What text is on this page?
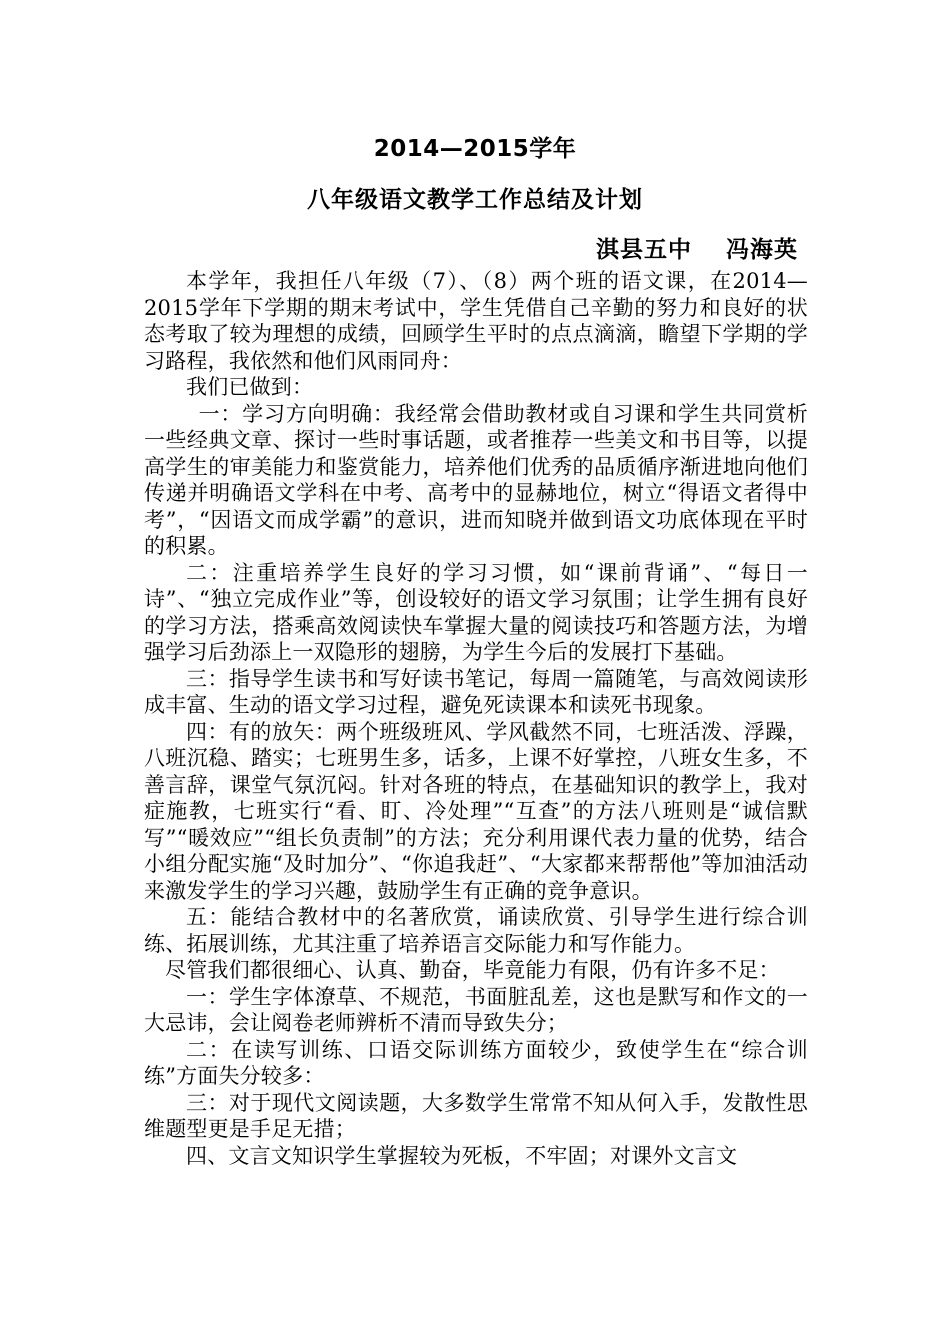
2014—2015学年
八年级语文教学工作总结及计划
淇县五中 冯海英

本学年，我担任八年级（7）、（8）两个班的语文课，在2014—2015学年下学期的期末考试中，学生凭借自己辛勤的努力和良好的状态考取了较为理想的成绩，回顾学生平时的点点滴滴，瞻望下学期的学习路程，我依然和他们风雨同舟：

我们已做到：

一：学习方向明确：我经常会借助教材或自习课和学生共同赏析一些经典文章、探讨一些时事话题，或者推荐一些美文和书目等，以提高学生的审美能力和鉴赏能力，培养他们优秀的品质循序渐进地向他们传递并明确语文学科在中考、高考中的显赫地位，树立“得语文者得中考”，“因语文而成学霸”的意识，进而知晓并做到语文功底体现在平时的积累。

二：注重培养学生良好的学习习惯，如“课前背诵”、“每日一诗”、“独立完成作业”等，创设较好的语文学习氛围；让学生拥有良好的学习方法，搭乘高效阅读快车掌握大量的阅读技巧和答题方法，为增强学习后劲添上一双隐形的翅膀，为学生今后的发展打下基础。

三：指导学生读书和写好读书笔记，每周一篇随笔，与高效阅读形成丰富、生动的语文学习过程，避免死读课本和读死书现象。

四：有的放矢：两个班级班风、学风截然不同，七班活泼、浮躁，八班沉稳、踏实；七班男生多，话多，上课不好掌控，八班女生多，不善言辞，课堂气氛沉闷。针对各班的特点，在基础知识的教学上，我对症施教，七班实行“看、盯、冷处理”“互查”的方法八班则是“诚信默写”“暖效应”“组长负责制”的方法；充分利用课代表力量的优势，结合小组分配实施“及时加分”、“你追我赶”、“大家都来帮帮他”等加油活动来激发学生的学习兴趣，鼓励学生有正确的竞争意识。

五：能结合教材中的名著欣赏，诵读欣赏、引导学生进行综合训练、拓展训练，尤其注重了培养语言交际能力和写作能力。

尽管我们都很细心、认真、勤奋，毕竟能力有限，仍有许多不足：

一：学生字体潦草、不规范，书面脏乱差，这也是默写和作文的一大忌讳，会让阅卷老师辨析不清而导致失分；

二：在读写训练、口语交际训练方面较少，致使学生在“综合训练”方面失分较多：

三：对于现代文阅读题，大多数学生常常不知从何入手，发散性思维题型更是手足无措；

四、文言文知识学生掌握较为死板，不牢固；对课外文言文
